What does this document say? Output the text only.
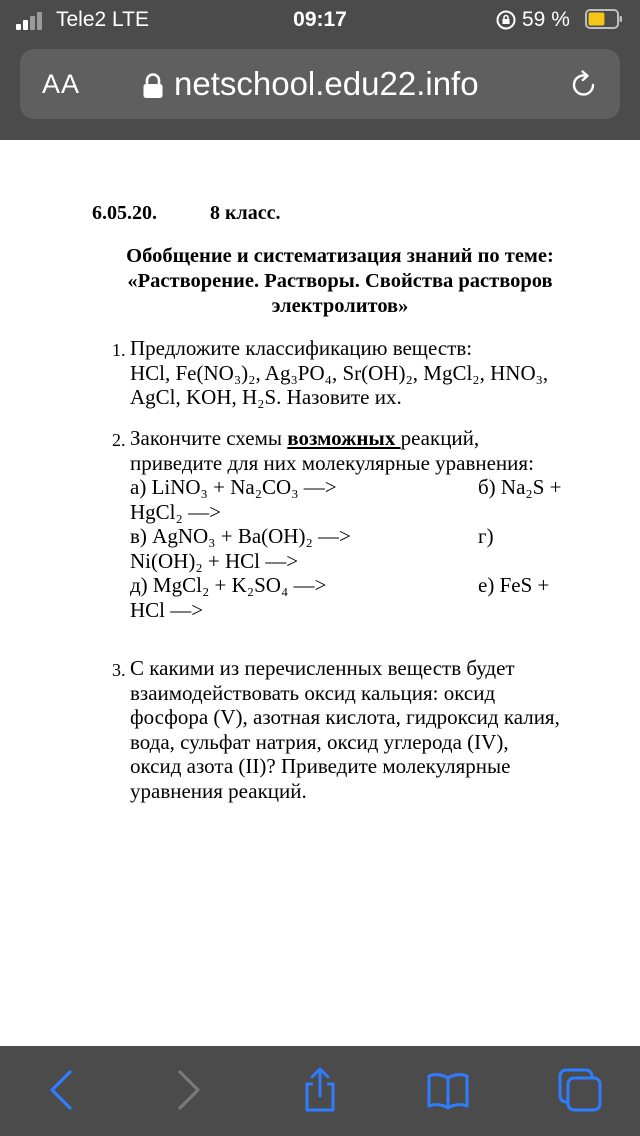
Tele2 LTE	09:17	59 %
AA	netschool.edu22.info
6.05.20.	8 класс.
Обобщение и систематизация знаний по теме:
«Растворение. Растворы. Свойства растворов
электролитов»
1. Предложите классификацию веществ:
HCl, Fe(NO₃)₂, Ag₃PO₄, Sr(OH)₂, MgCl₂, HNO₃,
AgCl, KOH, H₂S. Назовите их.
2. Закончите схемы возможных реакций,
приведите для них молекулярные уравнения:
а) LiNO₃ + Na₂CO₃ —>	б) Na₂S +
HgCl₂ —>
в) AgNO₃ + Ba(OH)₂ —>	г)
Ni(OH)₂ + HCl —>
д) MgCl₂ + K₂SO₄ —>	е) FeS +
HCl —>
3. С какими из перечисленных веществ будет
взаимодействовать оксид кальция: оксид
фосфора (V), азотная кислота, гидроксид калия,
вода, сульфат натрия, оксид углерода (IV),
оксид азота (II)? Приведите молекулярные
уравнения реакций.
